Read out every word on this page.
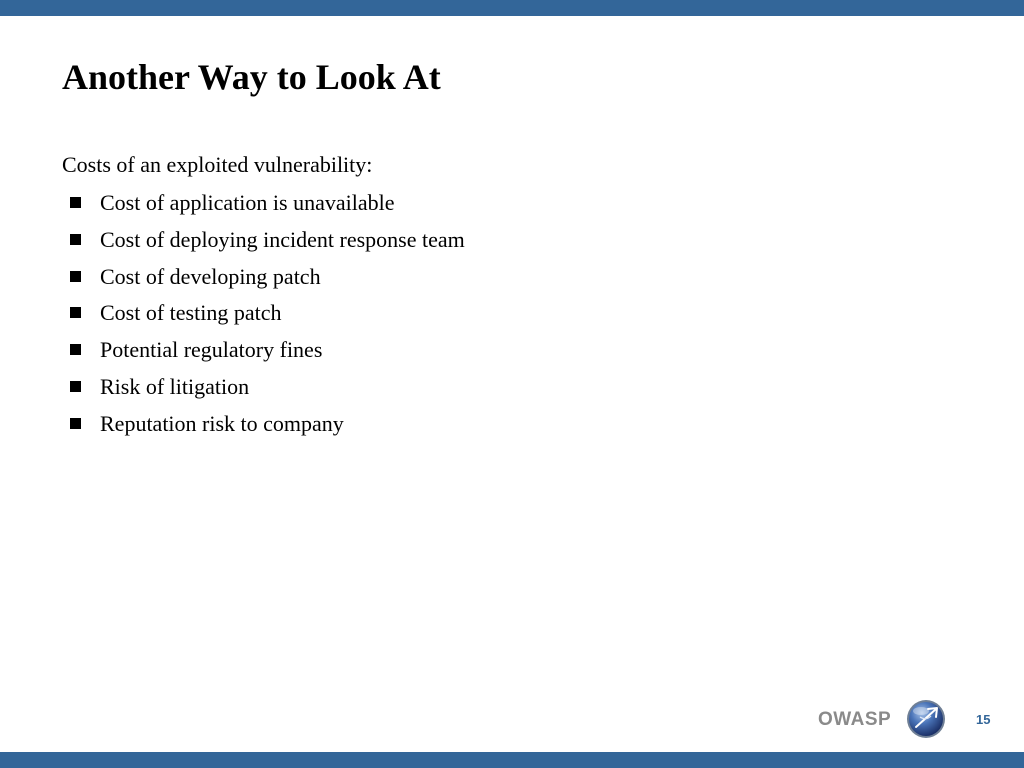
Another Way to Look At
Costs of an exploited vulnerability:
Cost of application is unavailable
Cost of deploying incident response team
Cost of developing patch
Cost of testing patch
Potential regulatory fines
Risk of litigation
Reputation risk to company
OWASP	15
